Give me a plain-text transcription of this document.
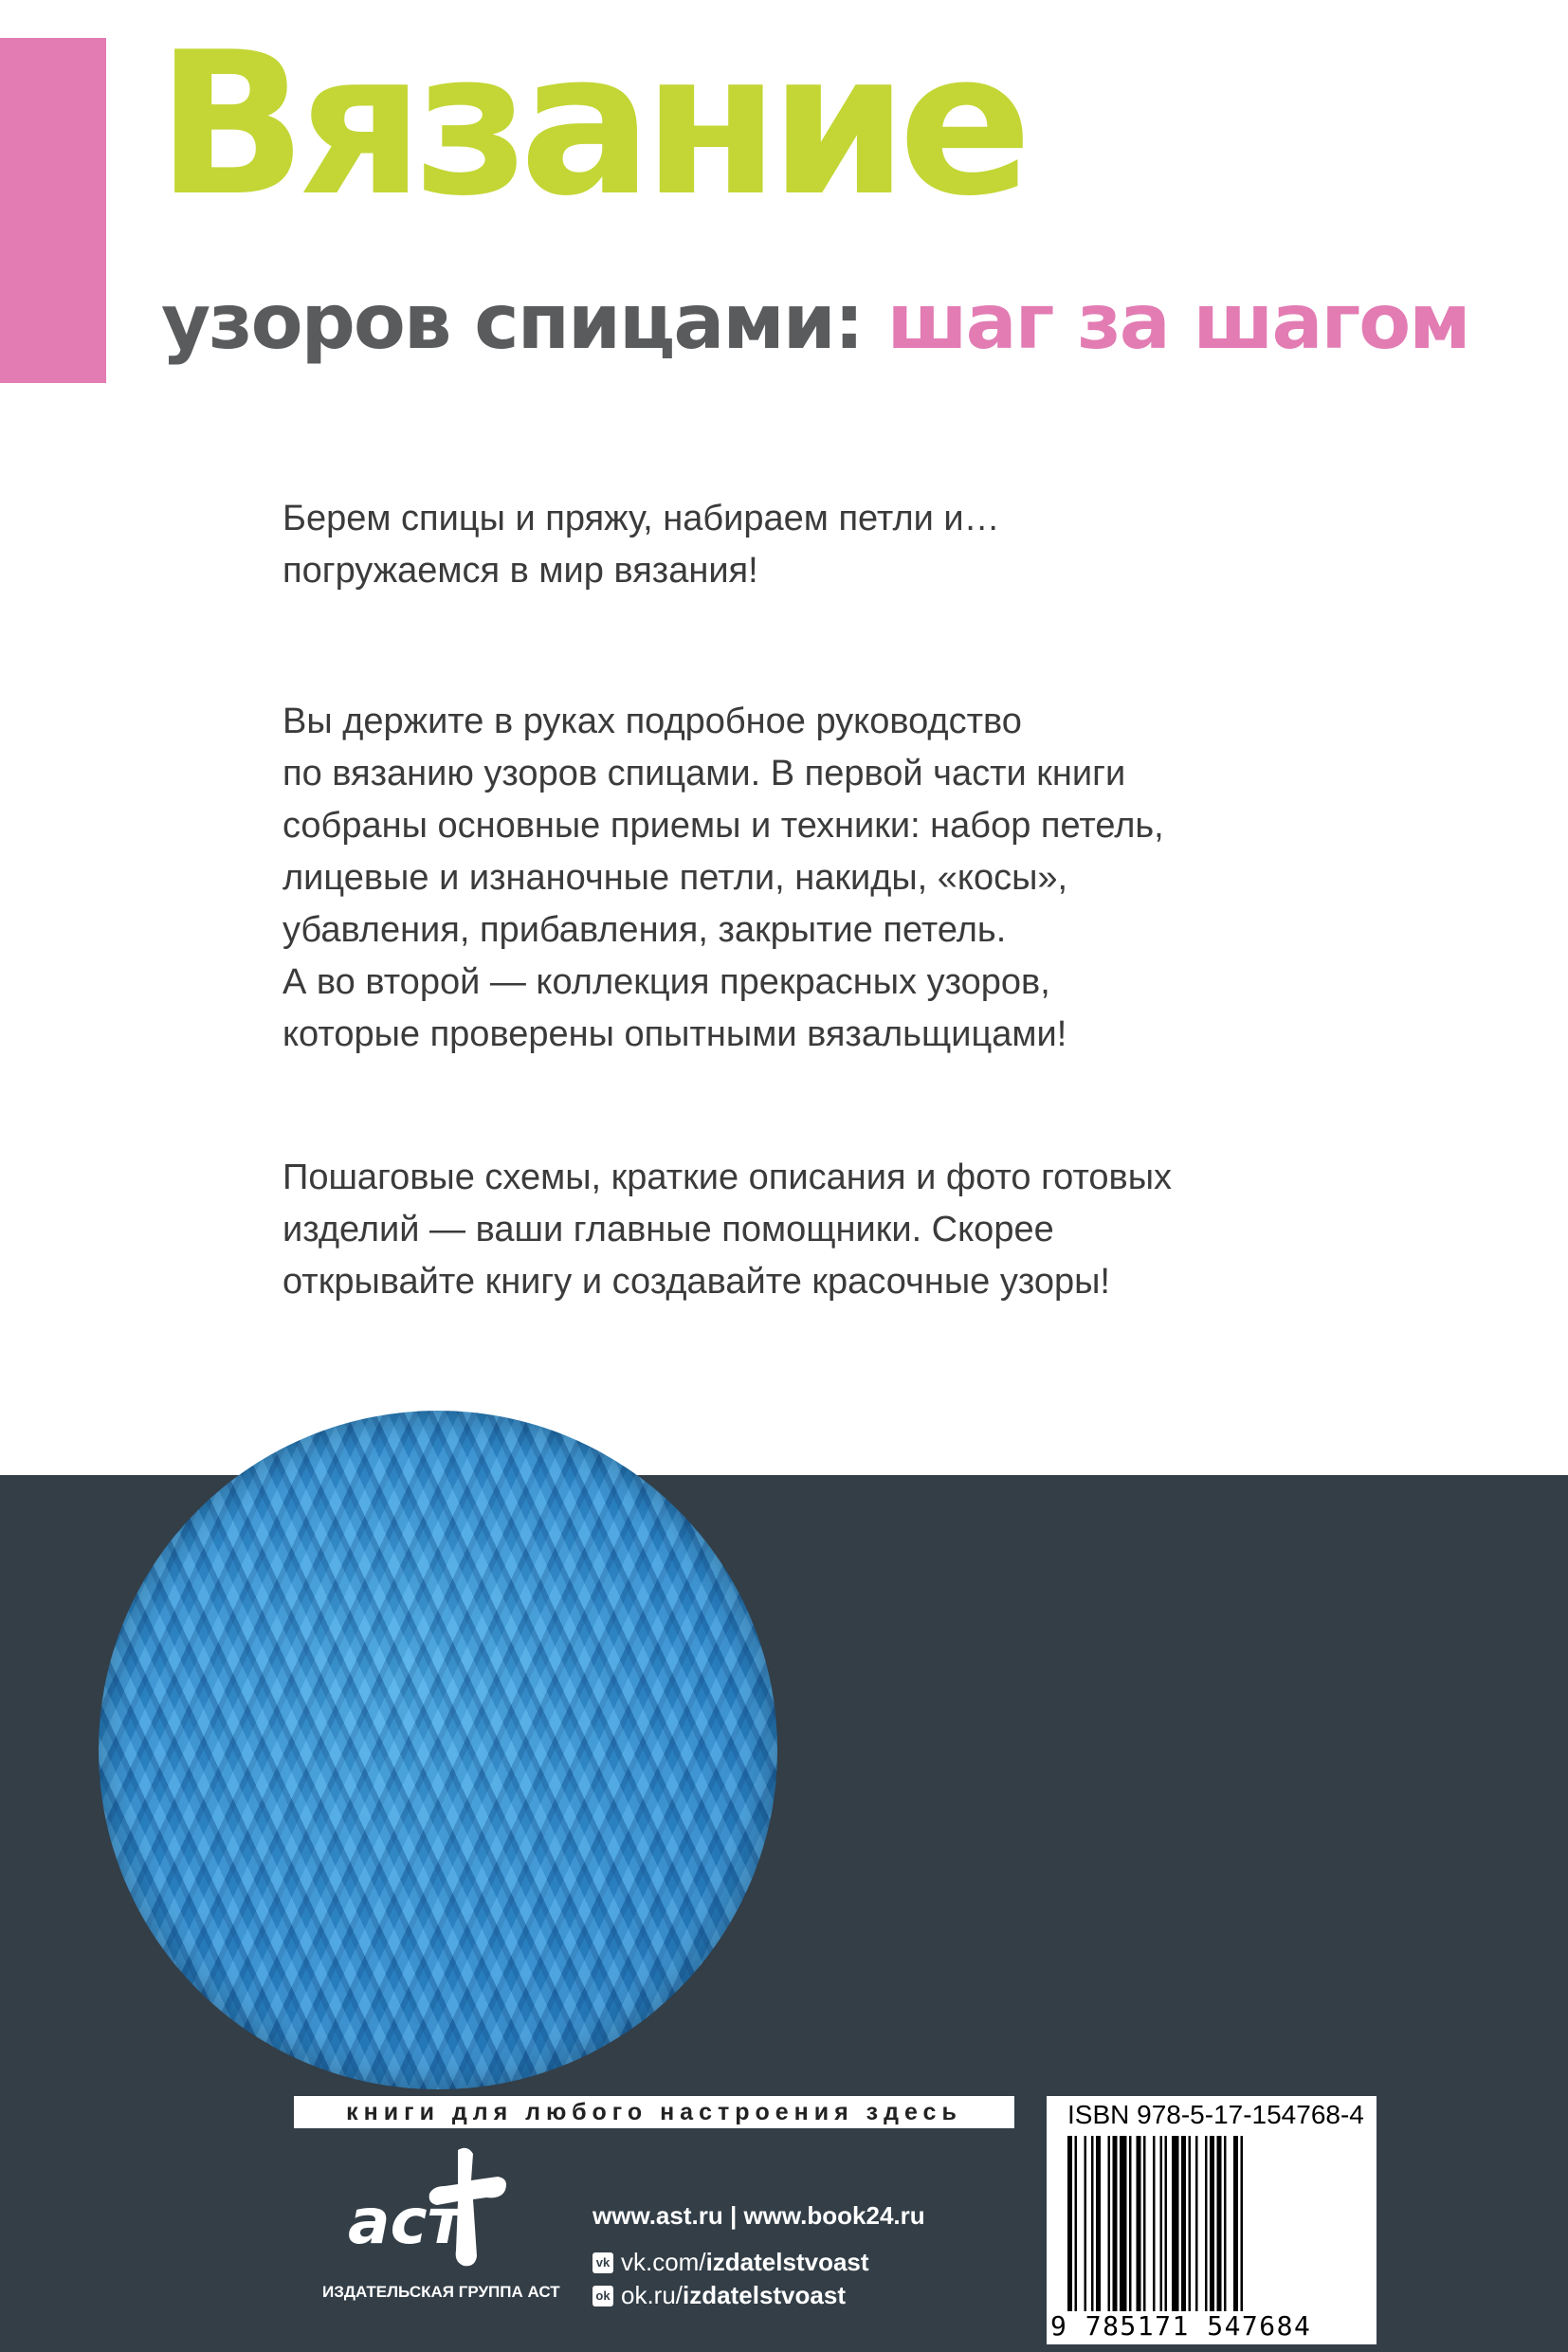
Вязание
узоров спицами: шаг за шагом

Берем спицы и пряжу, набираем петли и…
погружаемся в мир вязания!

Вы держите в руках подробное руководство
по вязанию узоров спицами. В первой части книги
собраны основные приемы и техники: набор петель,
лицевые и изнаночные петли, накиды, «косы»,
убавления, прибавления, закрытие петель.
А во второй — коллекция прекрасных узоров,
которые проверены опытными вязальщицами!

Пошаговые схемы, краткие описания и фото готовых
изделий — ваши главные помощники. Скорее
открывайте книгу и создавайте красочные узоры!

книги для любого настроения здесь
аст
ИЗДАТЕЛЬСКАЯ ГРУППА АСТ
www.ast.ru | www.book24.ru
vk vk.com/ izdatelstvoast
ok ok.ru/ izdatelstvoast
ISBN 978-5-17-154768-4
9 785171 547684
